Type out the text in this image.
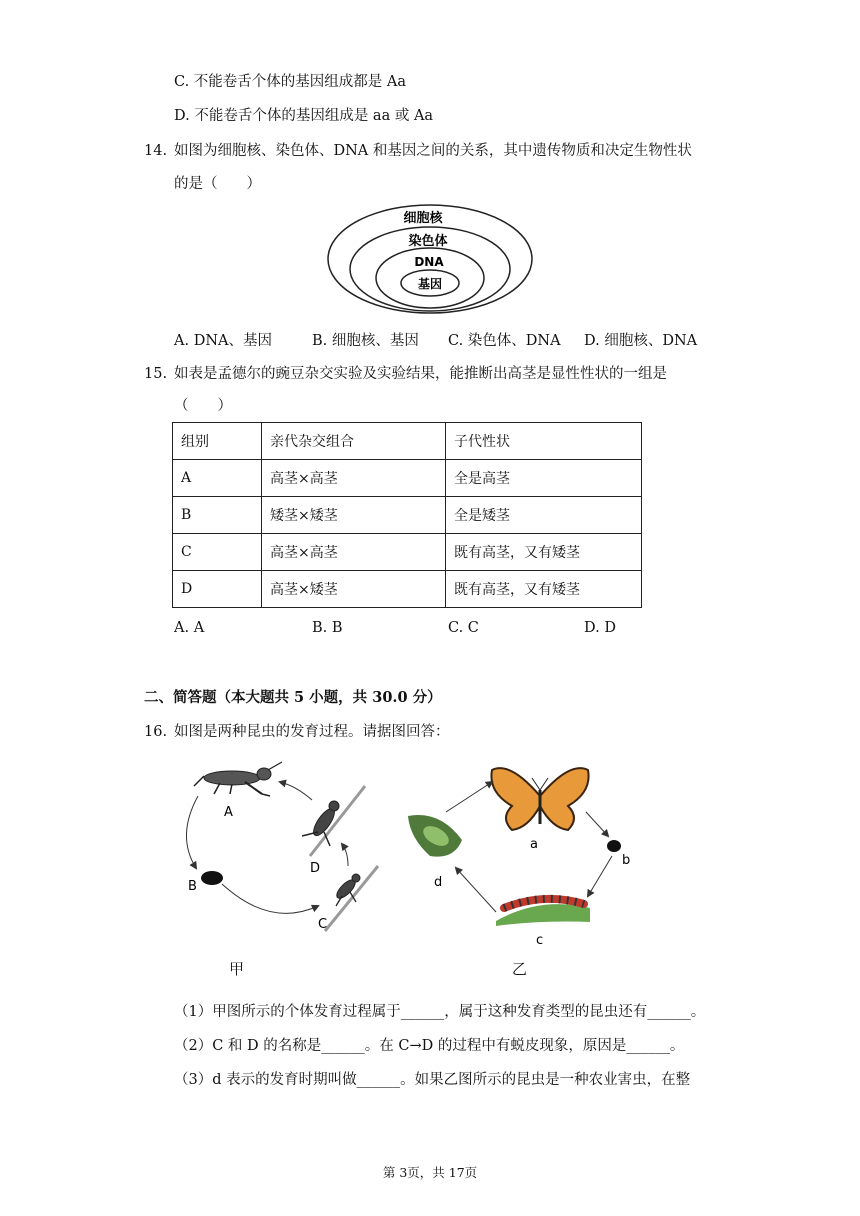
C. 不能卷舌个体的基因组成都是 Aa
D. 不能卷舌个体的基因组成是 aa 或 Aa
14. 如图为细胞核、染色体、DNA 和基因之间的关系，其中遗传物质和决定生物性状
的是（　　）
细胞核
染色体
DNA
基因
A. DNA、基因	B. 细胞核、基因 C. 染色体、DNA D. 细胞核、DNA
15. 如表是孟德尔的豌豆杂交实验及实验结果，能推断出高茎是显性性状的一组是
（　　）
组别	亲代杂交组合	子代性状
A	高茎×高茎	全是高茎
B	矮茎×矮茎	全是矮茎
C	高茎×高茎	既有高茎，又有矮茎
D	高茎×矮茎	既有高茎，又有矮茎
A. A	B. B	C. C	D. D
二、简答题（本大题共 5 小题，共 30.0 分）
16. 如图是两种昆虫的发育过程。请据图回答：
A
B
C
D
甲
a
b
c
d
乙
（1）甲图所示的个体发育过程属于______，属于这种发育类型的昆虫还有______。
（2）C 和 D 的名称是______。在 C→D 的过程中有蜕皮现象，原因是______。
（3）d 表示的发育时期叫做______。如果乙图所示的昆虫是一种农业害虫，在整
第 3页，共 17页
